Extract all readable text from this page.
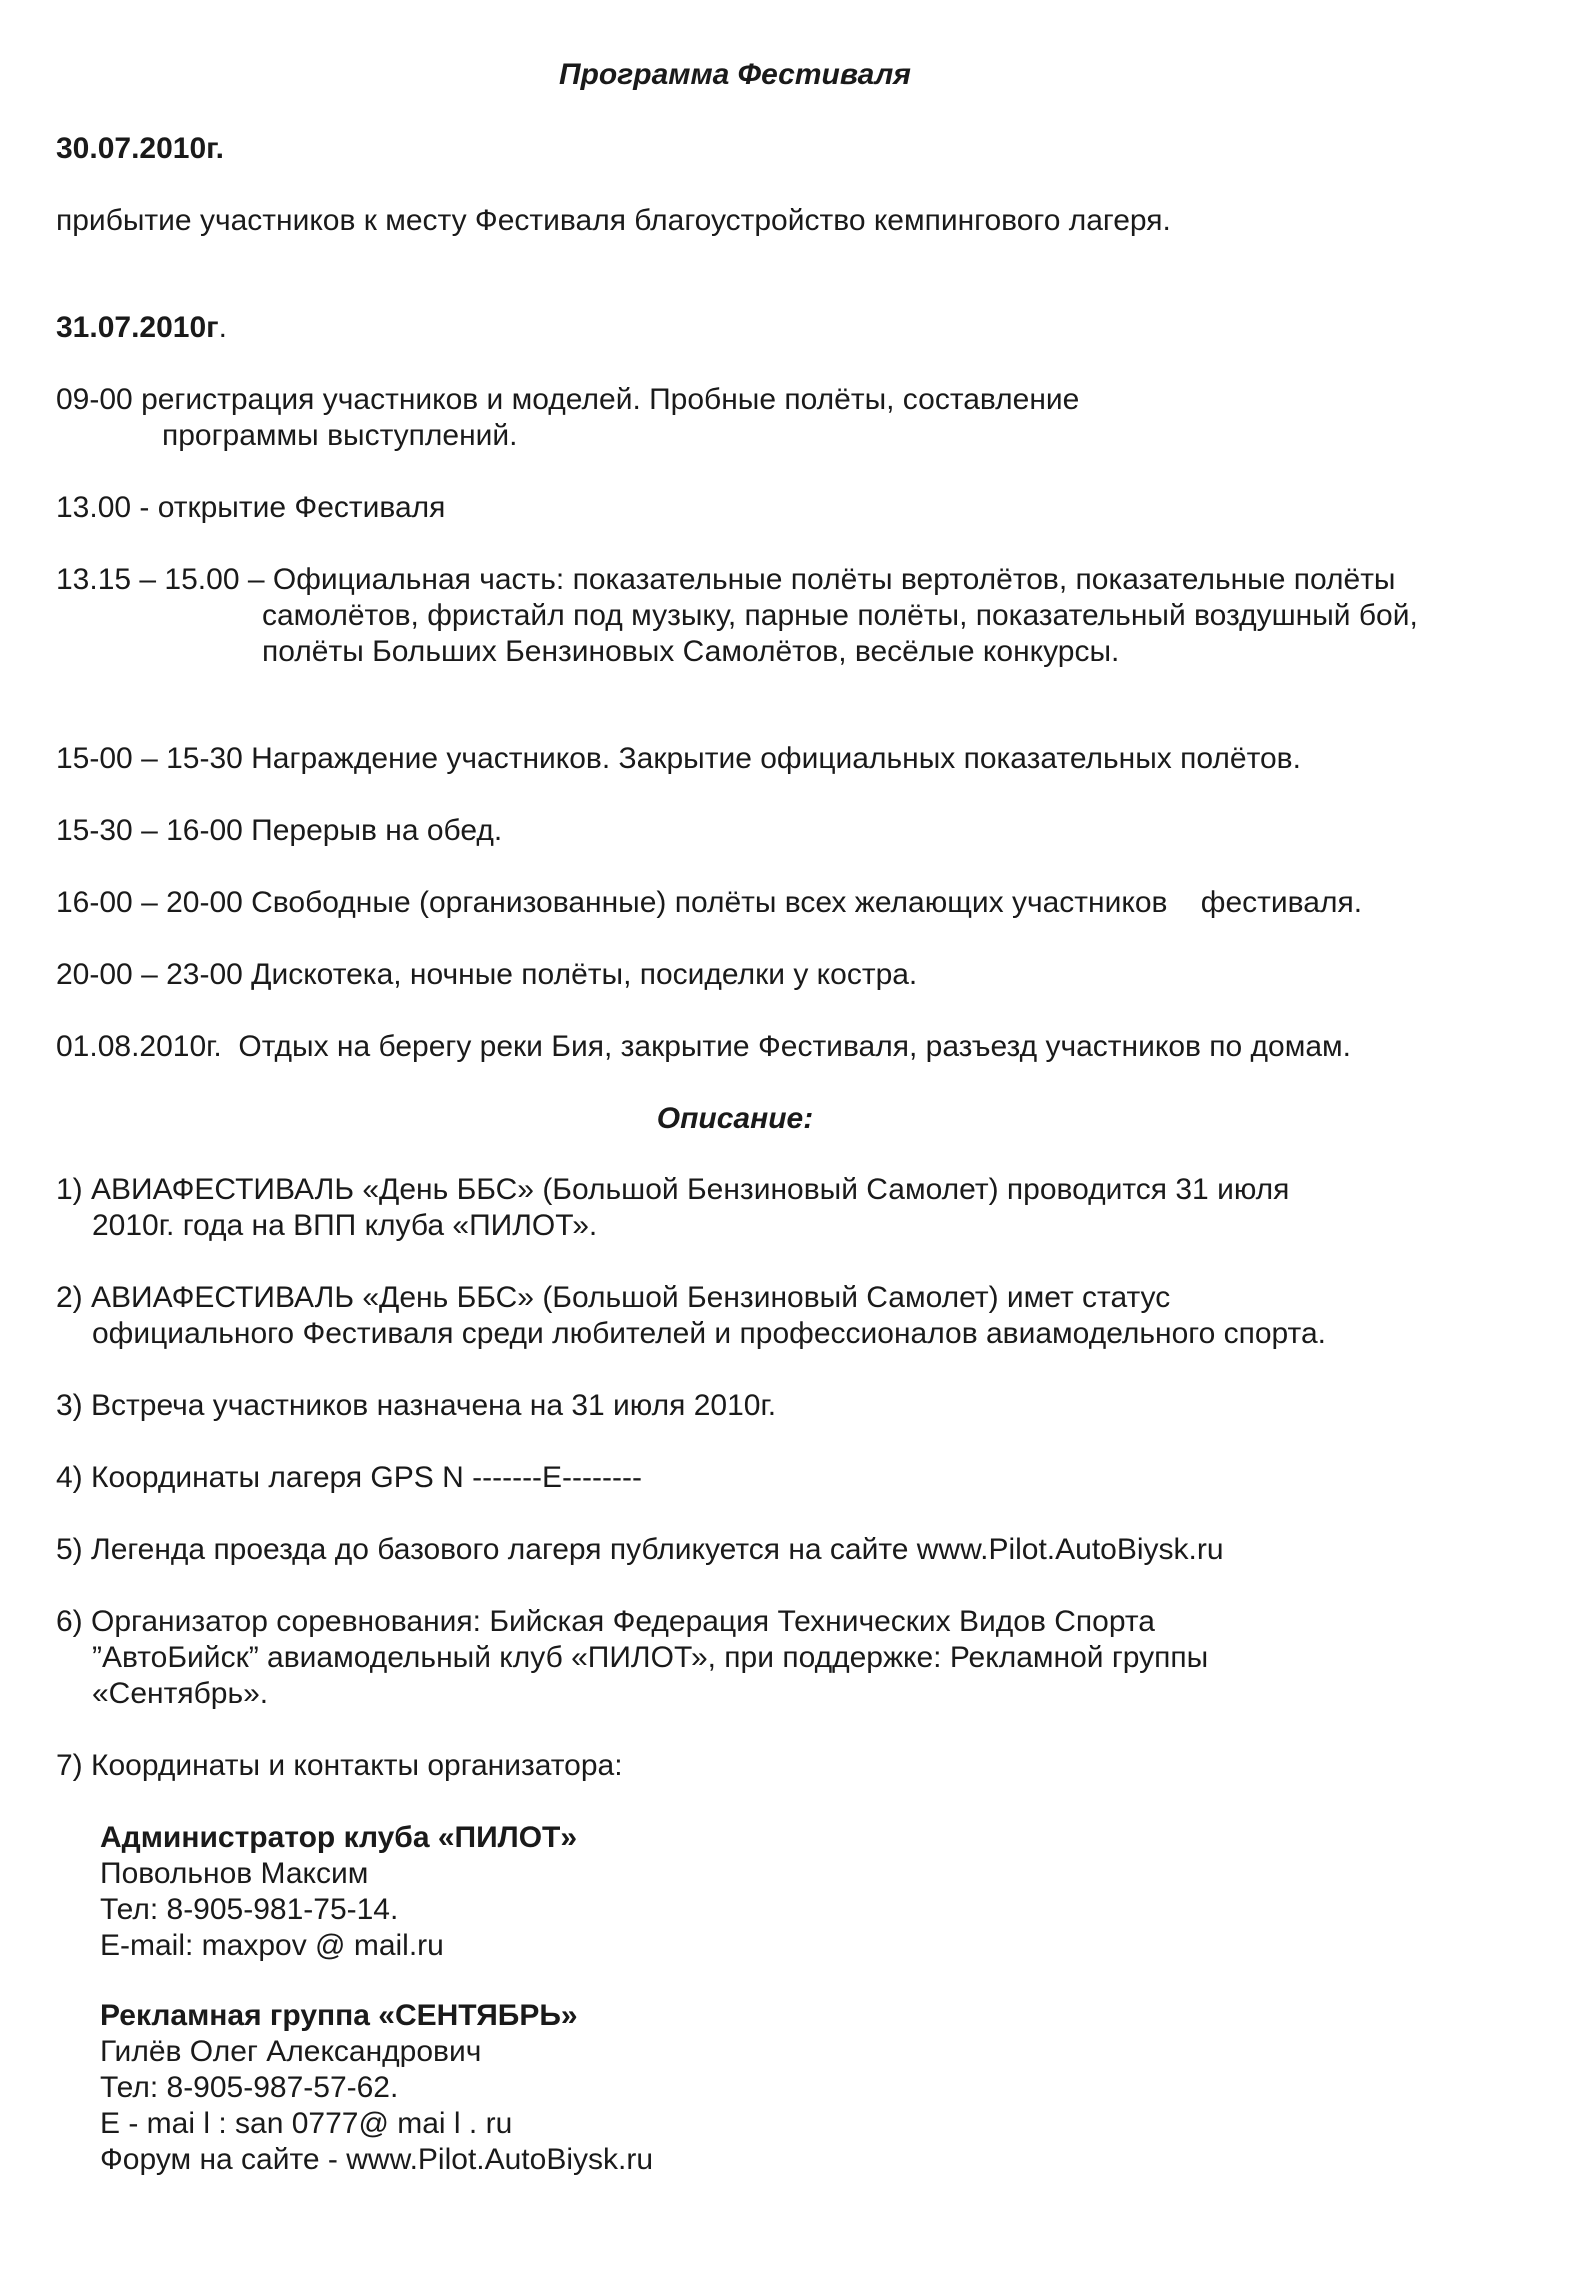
Программа Фестиваля
30.07.2010г.
прибытие участников к месту Фестиваля благоустройство кемпингового лагеря.
31.07.2010г.
09-00 регистрация участников и моделей. Пробные полёты, составление
программы выступлений.
13.00 - открытие Фестиваля
13.15 – 15.00 – Официальная часть: показательные полёты вертолётов, показательные полёты
самолётов, фристайл под музыку, парные полёты, показательный воздушный бой,
полёты Больших Бензиновых Самолётов, весёлые конкурсы.
15-00 – 15-30 Награждение участников. Закрытие официальных показательных полётов.
15-30 – 16-00 Перерыв на обед.
16-00 – 20-00 Свободные (организованные) полёты всех желающих участников    фестиваля.
20-00 – 23-00 Дискотека, ночные полёты, посиделки у костра.
01.08.2010г.  Отдых на берегу реки Бия, закрытие Фестиваля, разъезд участников по домам.
Описание:
1) АВИАФЕСТИВАЛЬ «День ББС» (Большой Бензиновый Самолет) проводится 31 июля
2010г. года на ВПП клуба «ПИЛОТ».
2) АВИАФЕСТИВАЛЬ «День ББС» (Большой Бензиновый Самолет) имет статус
официального Фестиваля среди любителей и профессионалов авиамодельного спорта.
3) Встреча участников назначена на 31 июля 2010г.
4) Координаты лагеря GPS N -------E--------
5) Легенда проезда до базового лагеря публикуется на сайте www.Pilot.AutoBiysk.ru
6) Организатор соревнования: Бийская Федерация Технических Видов Спорта
”АвтоБийск” авиамодельный клуб «ПИЛОТ», при поддержке: Рекламной группы
«Сентябрь».
7) Координаты и контакты организатора:
Администратор клуба «ПИЛОТ»
Повольнов Максим
Тел: 8-905-981-75-14.
E-mail: maxpov @ mail.ru
Рекламная группа «СЕНТЯБРЬ»
Гилёв Олег Александрович
Тел: 8-905-987-57-62.
E - mai l : san 0777@ mai l . ru
Форум на сайте - www.Pilot.AutoBiysk.ru
